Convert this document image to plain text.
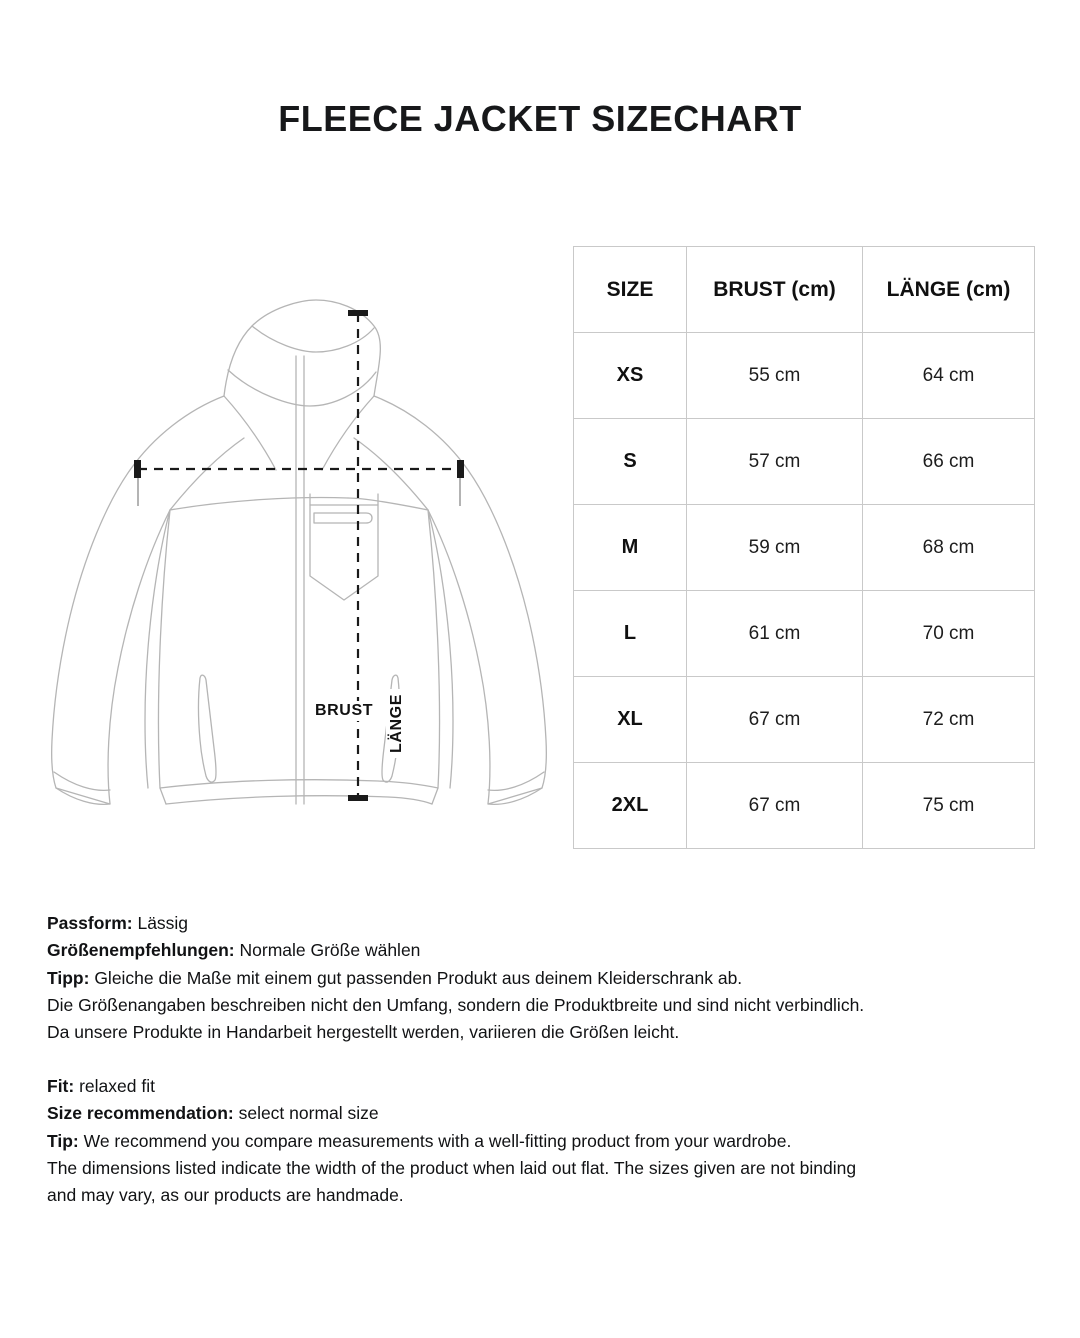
FLEECE JACKET SIZECHART
BRUST LÄNGE
SIZE	BRUST (cm)	LÄNGE (cm)
XS	55 cm	64 cm
S	57 cm	66 cm
M	59 cm	68 cm
L	61 cm	70 cm
XL	67 cm	72 cm
2XL	67 cm	75 cm
Passform: Lässig
Größenempfehlungen: Normale Größe wählen
Tipp: Gleiche die Maße mit einem gut passenden Produkt aus deinem Kleiderschrank ab.
Die Größenangaben beschreiben nicht den Umfang, sondern die Produktbreite und sind nicht verbindlich.
Da unsere Produkte in Handarbeit hergestellt werden, variieren die Größen leicht.
Fit: relaxed fit
Size recommendation: select normal size
Tip: We recommend you compare measurements with a well-fitting product from your wardrobe.
The dimensions listed indicate the width of the product when laid out flat. The sizes given are not binding
and may vary, as our products are handmade.
